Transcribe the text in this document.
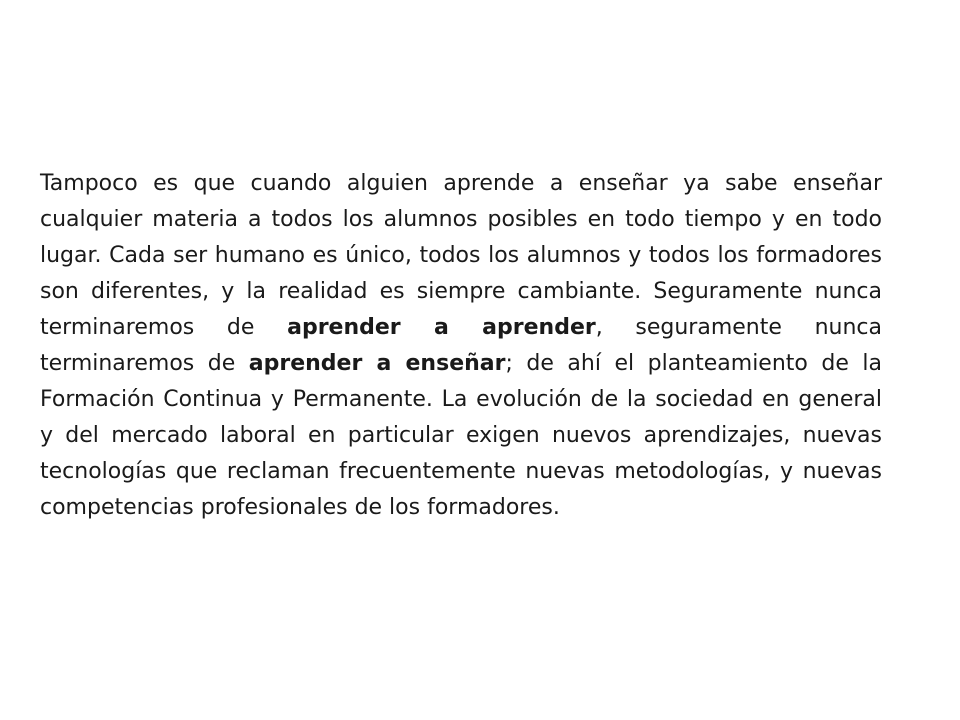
Tampoco es que cuando alguien aprende a enseñar ya sabe enseñar cualquier materia a todos los alumnos posibles en todo tiempo y en todo lugar. Cada ser humano es único, todos los alumnos y todos los formadores son diferentes, y la realidad es siempre cambiante. Seguramente nunca terminaremos de aprender a aprender, seguramente nunca terminaremos de aprender a enseñar; de ahí el planteamiento de la Formación Continua y Permanente. La evolución de la sociedad en general y del mercado laboral en particular exigen nuevos aprendizajes, nuevas tecnologías que reclaman frecuentemente nuevas metodologías, y nuevas competencias profesionales de los formadores.
